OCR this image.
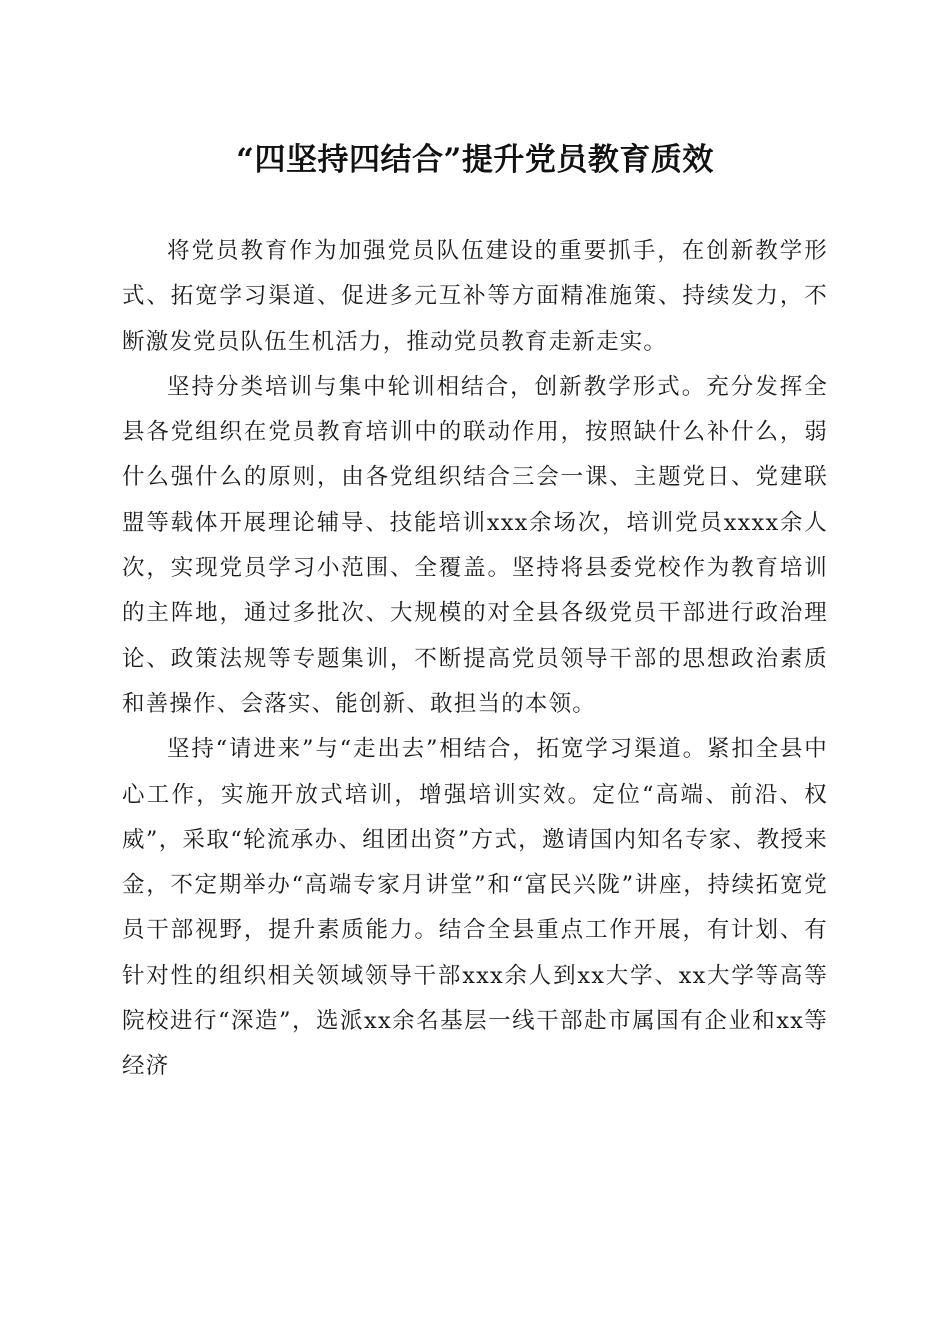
“四坚持四结合”提升党员教育质效

将党员教育作为加强党员队伍建设的重要抓手，在创新教学形式、拓宽学习渠道、促进多元互补等方面精准施策、持续发力，不断激发党员队伍生机活力，推动党员教育走新走实。

坚持分类培训与集中轮训相结合，创新教学形式。充分发挥全县各党组织在党员教育培训中的联动作用，按照缺什么补什么，弱什么强什么的原则，由各党组织结合三会一课、主题党日、党建联盟等载体开展理论辅导、技能培训xxx余场次，培训党员xxxx余人次，实现党员学习小范围、全覆盖。坚持将县委党校作为教育培训的主阵地，通过多批次、大规模的对全县各级党员干部进行政治理论、政策法规等专题集训，不断提高党员领导干部的思想政治素质和善操作、会落实、能创新、敢担当的本领。

坚持“请进来”与“走出去”相结合，拓宽学习渠道。紧扣全县中心工作，实施开放式培训，增强培训实效。定位“高端、前沿、权威”，采取“轮流承办、组团出资”方式，邀请国内知名专家、教授来金，不定期举办“高端专家月讲堂”和“富民兴陇”讲座，持续拓宽党员干部视野，提升素质能力。结合全县重点工作开展，有计划、有针对性的组织相关领域领导干部xxx余人到xx大学、xx大学等高等院校进行“深造”，选派xx余名基层一线干部赴市属国有企业和xx等经济
